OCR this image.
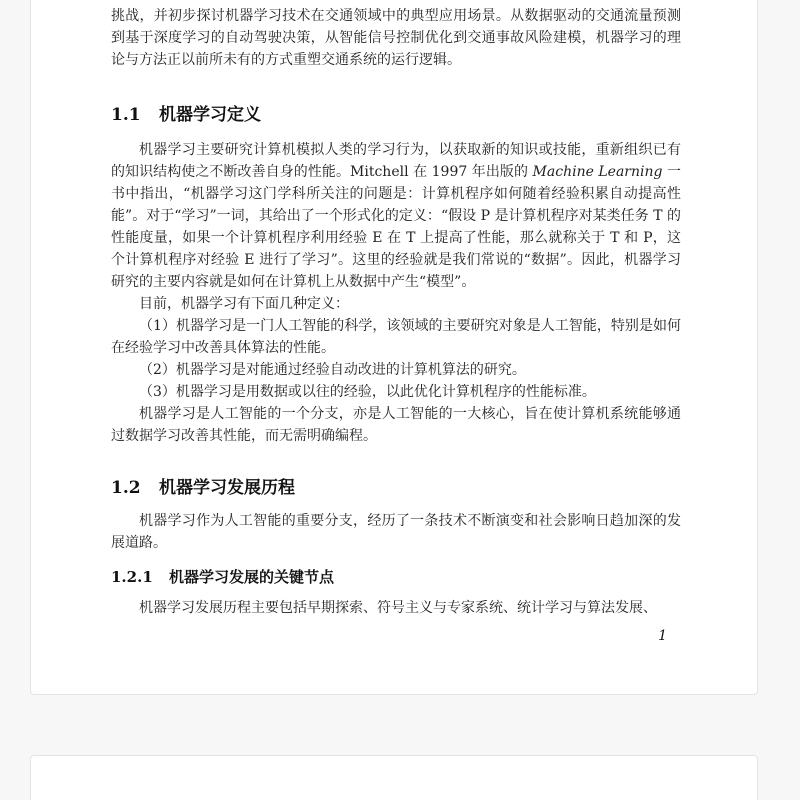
挑战，并初步探讨机器学习技术在交通领域中的典型应用场景。从数据驱动的交通流量预测到基于深度学习的自动驾驶决策，从智能信号控制优化到交通事故风险建模，机器学习的理论与方法正以前所未有的方式重塑交通系统的运行逻辑。

1.1 机器学习定义

机器学习主要研究计算机模拟人类的学习行为，以获取新的知识或技能，重新组织已有的知识结构使之不断改善自身的性能。Mitchell 在 1997 年出版的 Machine Learning 一书中指出，“机器学习这门学科所关注的问题是：计算机程序如何随着经验积累自动提高性能”。对于“学习”一词，其给出了一个形式化的定义：“假设 P 是计算机程序对某类任务 T 的性能度量，如果一个计算机程序利用经验 E 在 T 上提高了性能，那么就称关于 T 和 P，这个计算机程序对经验 E 进行了学习”。这里的经验就是我们常说的“数据”。因此，机器学习研究的主要内容就是如何在计算机上从数据中产生“模型”。

目前，机器学习有下面几种定义：

（1）机器学习是一门人工智能的科学，该领域的主要研究对象是人工智能，特别是如何在经验学习中改善具体算法的性能。

（2）机器学习是对能通过经验自动改进的计算机算法的研究。

（3）机器学习是用数据或以往的经验，以此优化计算机程序的性能标准。

机器学习是人工智能的一个分支，亦是人工智能的一大核心，旨在使计算机系统能够通过数据学习改善其性能，而无需明确编程。

1.2 机器学习发展历程

机器学习作为人工智能的重要分支，经历了一条技术不断演变和社会影响日趋加深的发展道路。

1.2.1 机器学习发展的关键节点

机器学习发展历程主要包括早期探索、符号主义与专家系统、统计学习与算法发展、

1
